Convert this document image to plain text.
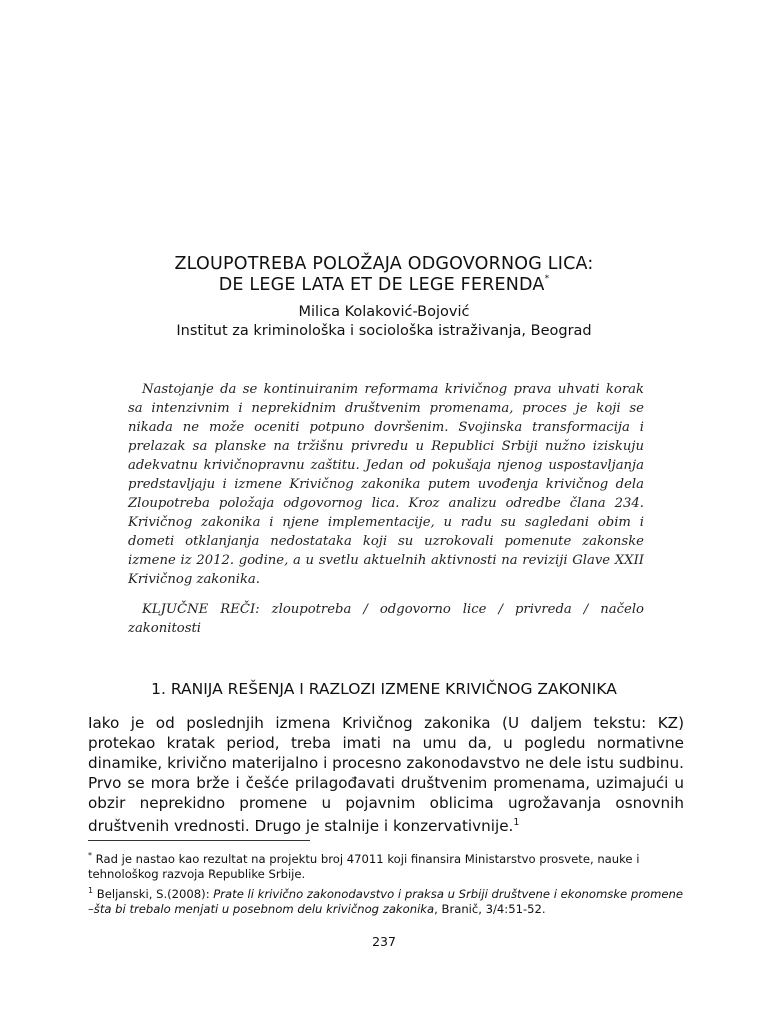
ZLOUPOTREBA POLOŽAJA ODGOVORNOG LICA:
DE LEGE LATA ET DE LEGE FERENDA*
Milica Kolaković-Bojović
Institut za kriminološka i sociološka istraživanja, Beograd

Nastojanje da se kontinuiranim reformama krivičnog prava uhvati korak sa intenzivnim i neprekidnim društvenim promenama, proces je koji se nikada ne može oceniti potpuno dovršenim. Svojinska transformacija i prelazak sa planske na tržišnu privredu u Republici Srbiji nužno iziskuju adekvatnu krivičnopravnu zaštitu. Jedan od pokušaja njenog uspostavljanja predstavljaju i izmene Krivičnog zakonika putem uvođenja krivičnog dela Zloupotreba položaja odgovornog lica. Kroz analizu odredbe člana 234. Krivičnog zakonika i njene implementacije, u radu su sagledani obim i dometi otklanjanja nedostataka koji su uzrokovali pomenute zakonske izmene iz 2012. godine, a u svetlu aktuelnih aktivnosti na reviziji Glave XXII Krivičnog zakonika.

KLJUČNE REČI: zloupotreba / odgovorno lice / privreda / načelo zakonitosti

1. RANIJA REŠENJA I RAZLOZI IZMENE KRIVIČNOG ZAKONIKA

Iako je od poslednjih izmena Krivičnog zakonika (U daljem tekstu: KZ) protekao kratak period, treba imati na umu da, u pogledu normativne dinamike, krivično materijalno i procesno zakonodavstvo ne dele istu sudbinu. Prvo se mora brže i češće prilagođavati društvenim promenama, uzimajući u obzir neprekidno promene u pojavnim oblicima ugrožavanja osnovnih društvenih vrednosti. Drugo je stalnije i konzervativnije.$^1$

* Rad je nastao kao rezultat na projektu broj 47011 koji finansira Ministarstvo prosvete, nauke i tehnološkog razvoja Republike Srbije.

$^1$ Beljanski, S.(2008): Prate li krivično zakonodavstvo i praksa u Srbiji društvene i ekonomske promene –šta bi trebalo menjati u posebnom delu krivičnog zakonika, Branič, 3/4:51-52.

237
